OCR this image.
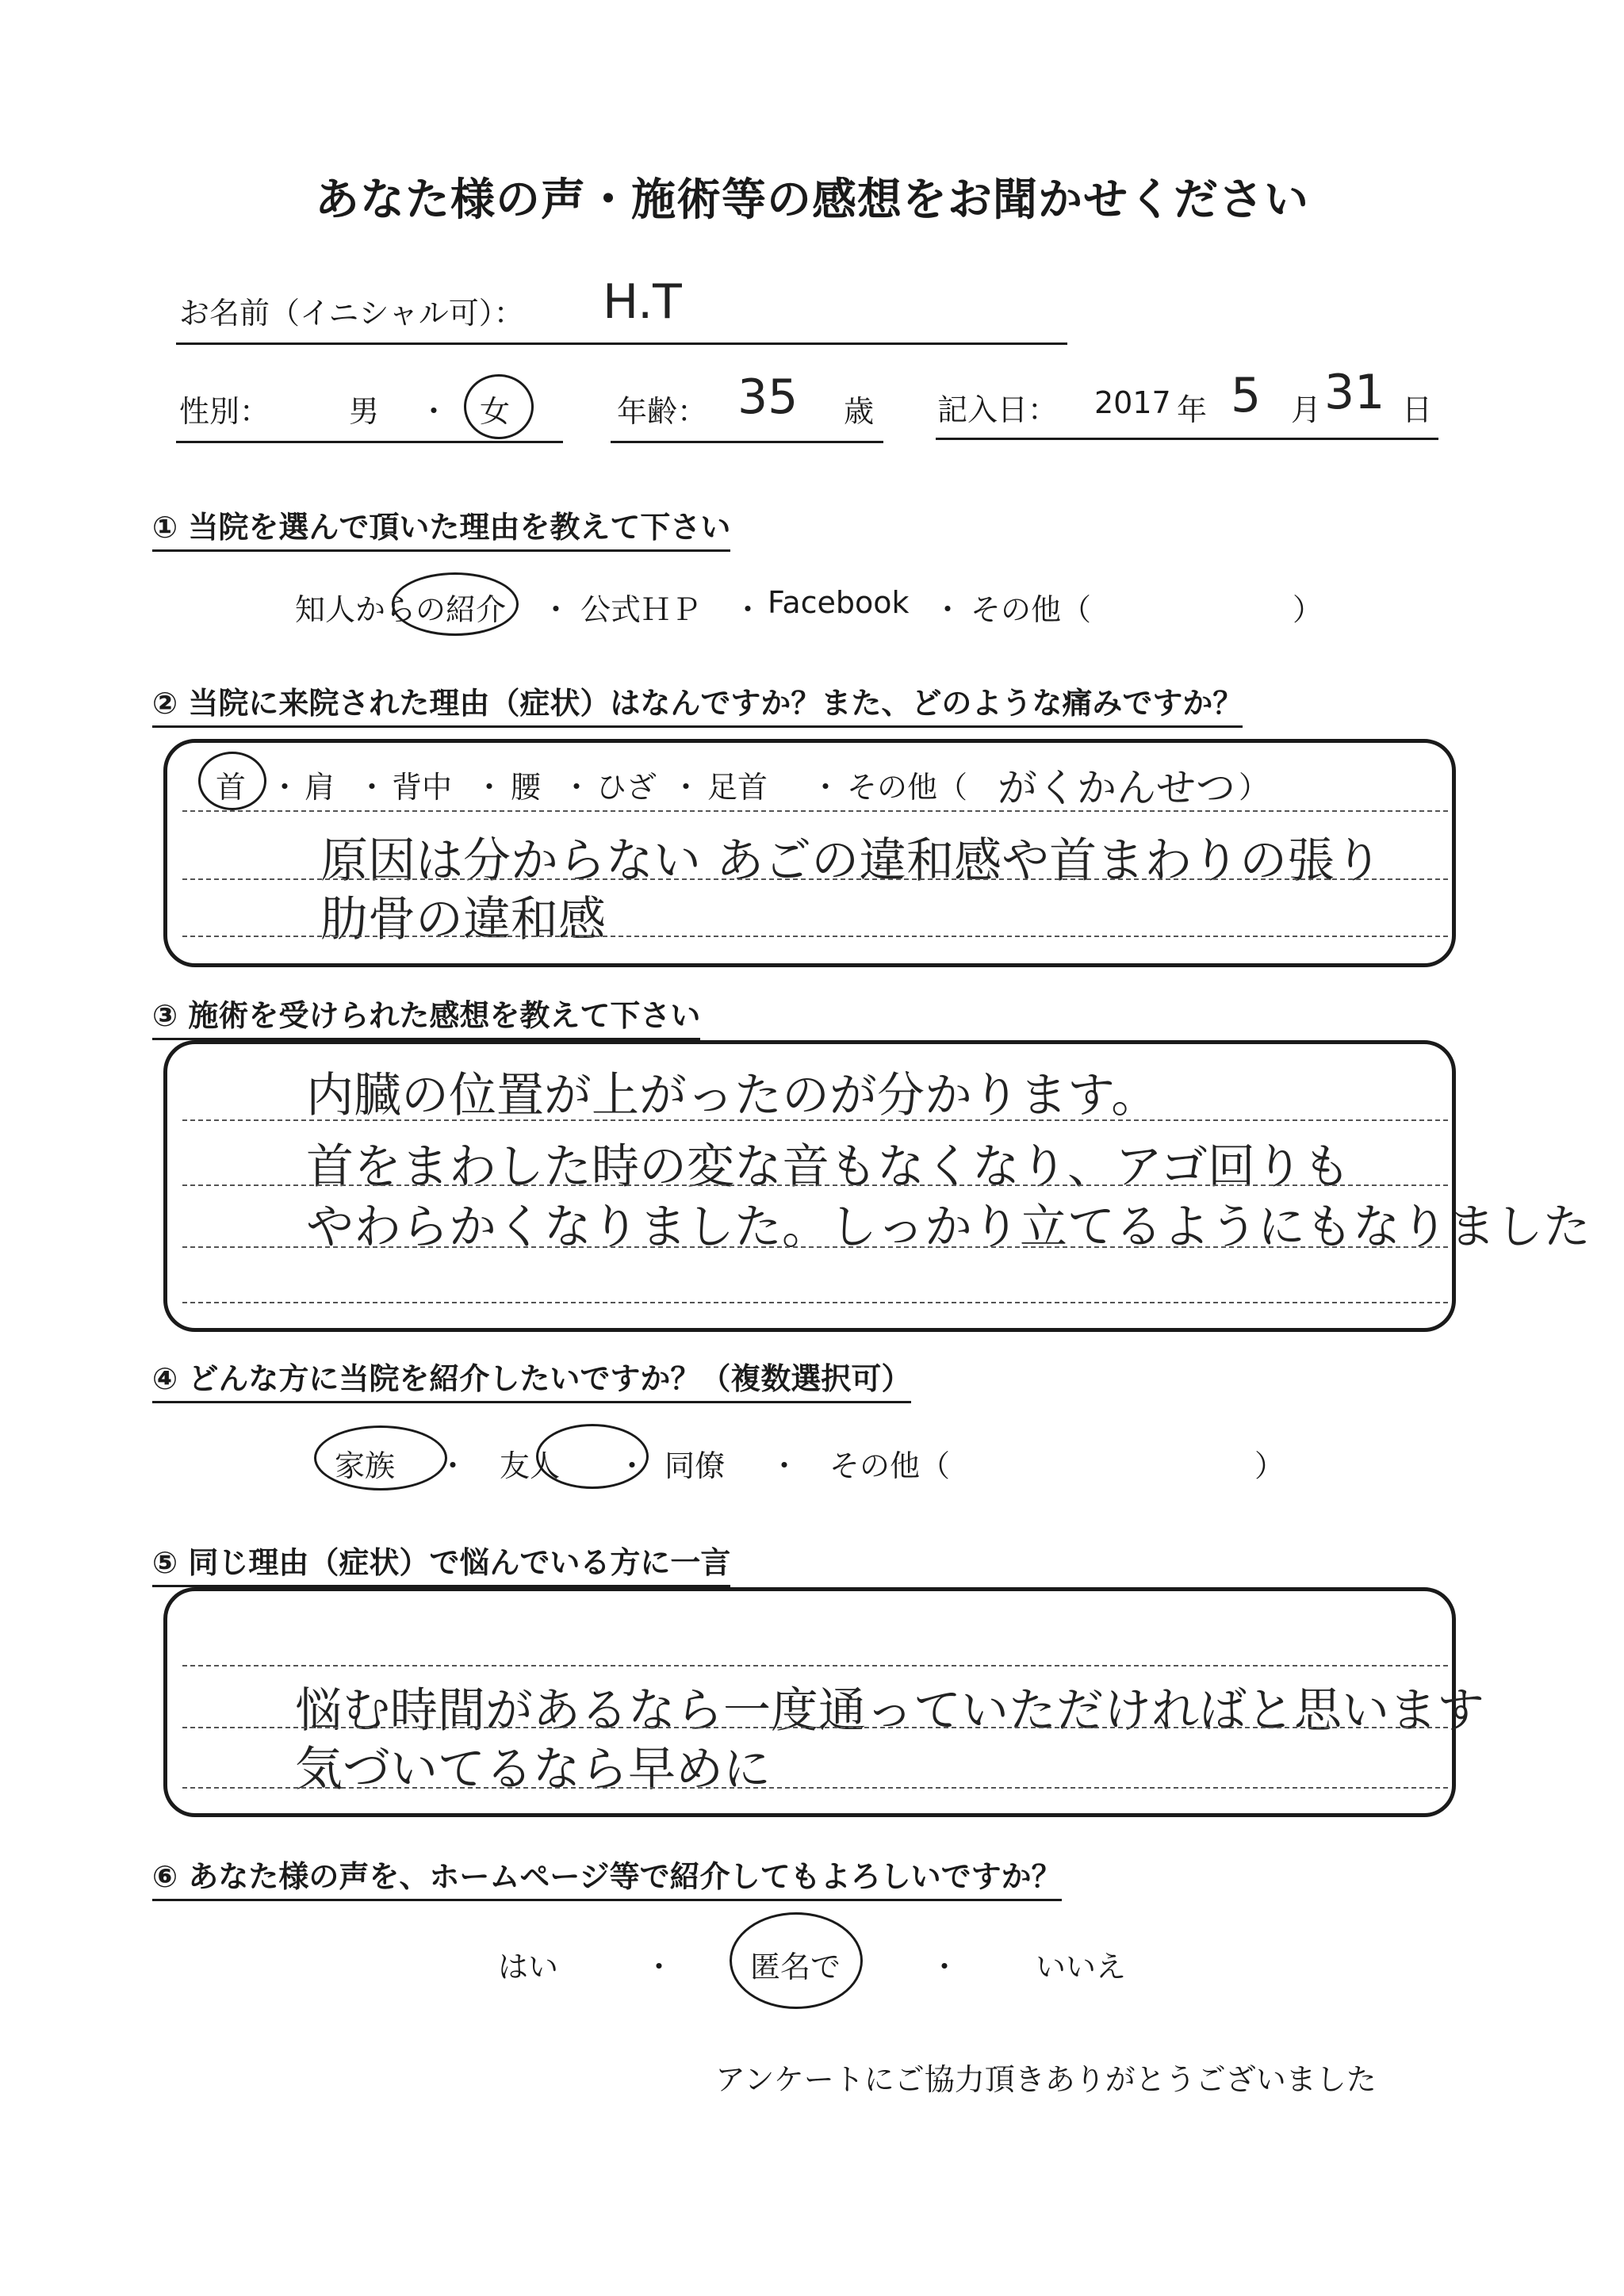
あなた様の声・施術等の感想をお聞かせください
お名前（イニシャル可）： H.T
性別：	男 ・ 女	年齢： 35 歳 記入日： 2017 年 5 月 31 日
① 当院を選んで頂いた理由を教えて下さい
知人からの紹介 ・ 公式ＨＰ ・ Facebook ・ その他（	）
② 当院に来院された理由（症状）はなんですか？また、どのような痛みですか？
首 ・ 肩 ・ 背中 ・ 腰 ・ ひざ ・ 足首 ・ その他（ がくかんせつ ）
原因は分からない あごの違和感や首まわりの張り
肋骨の違和感
③ 施術を受けられた感想を教えて下さい
内臓の位置が上がったのが分かります。
首をまわした時の変な音もなくなり、アゴ回りも
やわらかくなりました。しっかり立てるようにもなりました
④ どんな方に当院を紹介したいですか？（複数選択可）
家族 ・ 友人 ・ 同僚 ・ その他（	）
⑤ 同じ理由（症状）で悩んでいる方に一言
悩む時間があるなら一度通っていただければと思います
気づいてるなら早めに
⑥ あなた様の声を、ホームページ等で紹介してもよろしいですか？
はい	・	匿名で	・	いいえ
アンケートにご協力頂きありがとうございました
